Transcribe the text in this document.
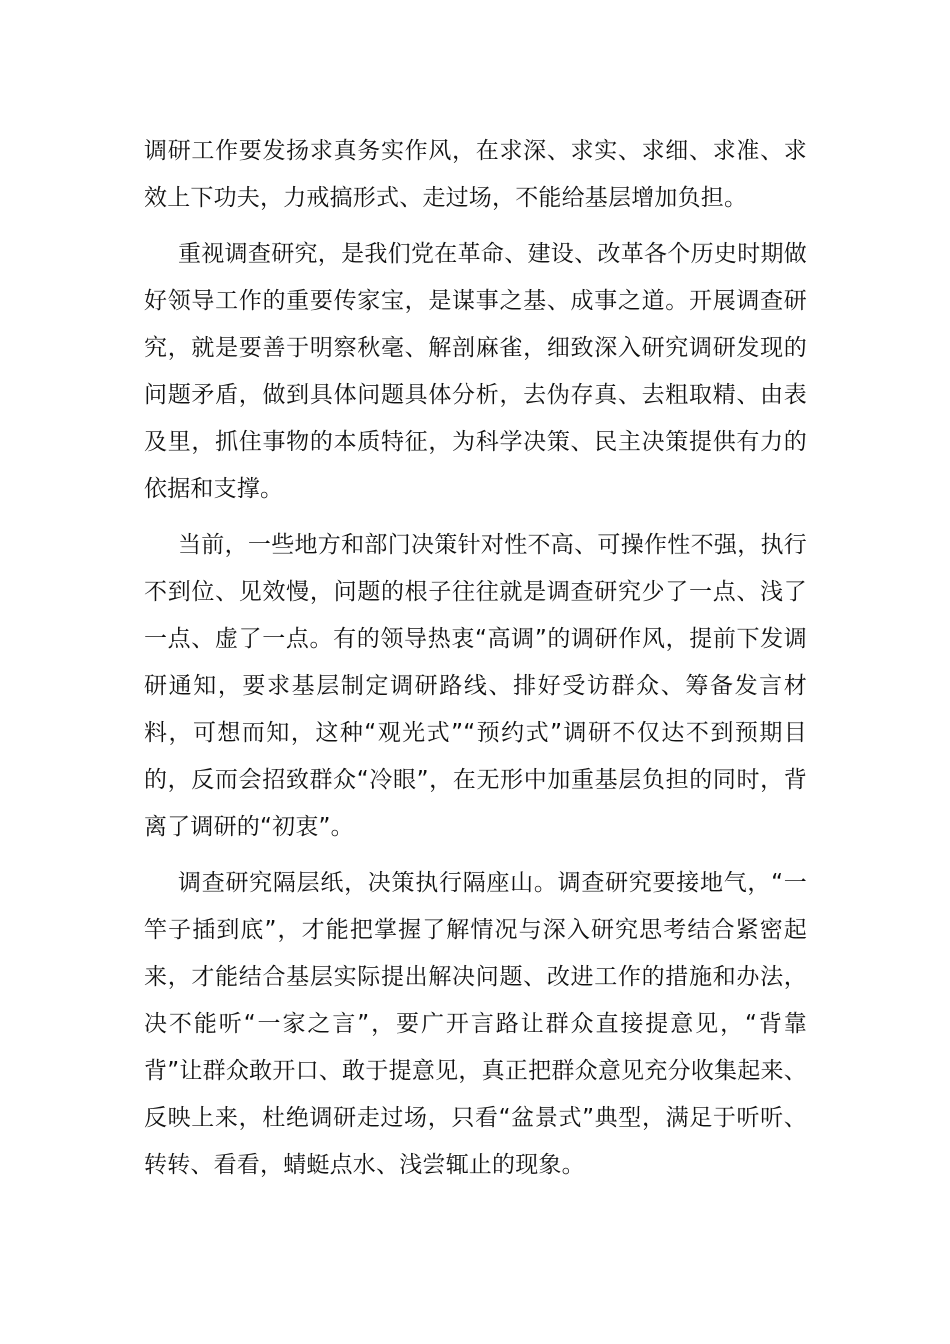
调研工作要发扬求真务实作风，在求深、求实、求细、求准、求效上下功夫，力戒搞形式、走过场，不能给基层增加负担。

重视调查研究，是我们党在革命、建设、改革各个历史时期做好领导工作的重要传家宝，是谋事之基、成事之道。开展调查研究，就是要善于明察秋毫、解剖麻雀，细致深入研究调研发现的问题矛盾，做到具体问题具体分析，去伪存真、去粗取精、由表及里，抓住事物的本质特征，为科学决策、民主决策提供有力的依据和支撑。

当前，一些地方和部门决策针对性不高、可操作性不强，执行不到位、见效慢，问题的根子往往就是调查研究少了一点、浅了一点、虚了一点。有的领导热衷“高调”的调研作风，提前下发调研通知，要求基层制定调研路线、排好受访群众、筹备发言材料，可想而知，这种“观光式”“预约式”调研不仅达不到预期目的，反而会招致群众“冷眼”，在无形中加重基层负担的同时，背离了调研的“初衷”。

调查研究隔层纸，决策执行隔座山。调查研究要接地气，“一竿子插到底”，才能把掌握了解情况与深入研究思考结合紧密起来，才能结合基层实际提出解决问题、改进工作的措施和办法，决不能听“一家之言”，要广开言路让群众直接提意见，“背靠背”让群众敢开口、敢于提意见，真正把群众意见充分收集起来、反映上来，杜绝调研走过场，只看“盆景式”典型，满足于听听、转转、看看，蜻蜓点水、浅尝辄止的现象。
